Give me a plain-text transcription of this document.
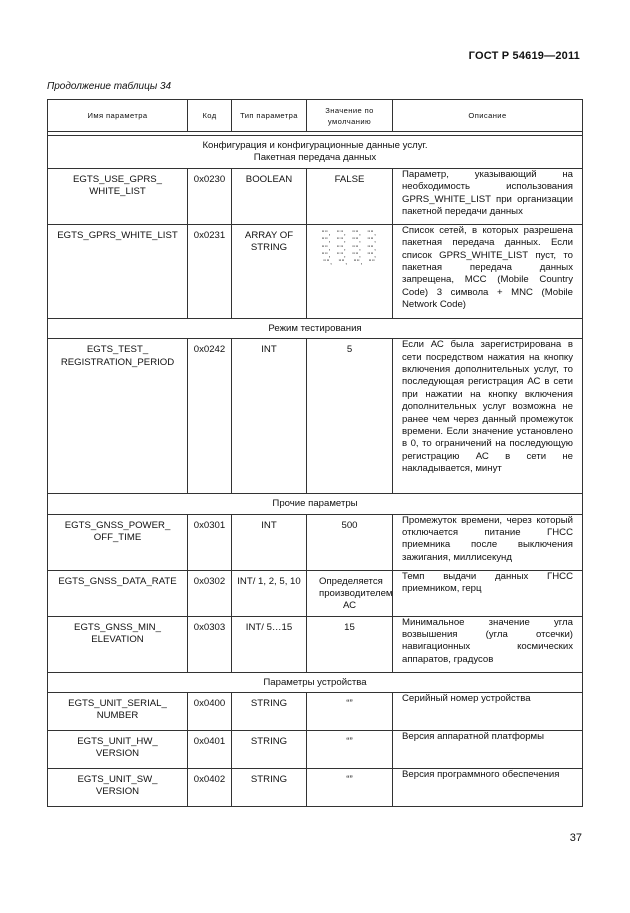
ГОСТ Р 54619—2011
Продолжение таблицы 34
Имя параметра	Код	Тип параметра	Значение по умолчанию	Описание

Конфигурация и конфигурационные данные услуг. Пакетная передача данных				
EGTS_USE_GPRS_ WHITE_LIST	0x0230	BOOLEAN	FALSE	Параметр, указывающий на необходимость использования GPRS_WHITE_LIST при организации пакетной передачи данных
EGTS_GPRS_WHITE_LIST	0x0231	ARRAY OF STRING	"",  "",  "",  "",
"",  "",  "",  "",
"",  "",  "",  "",
"",  "",  "",  "",
"",  "",  "",  ""	Список сетей, в которых разрешена пакетная передача данных. Если список GPRS_WHITE_LIST пуст, то пакетная передача данных запрещена, MCC (Mobile Country Code) 3 символа + MNC (Mobile Network Code)
Режим тестирования				
EGTS_TEST_ REGISTRATION_PERIOD	0x0242	INT	5	Если АС была зарегистрирована в сети посредством нажатия на кнопку включения дополнительных услуг, то последующая регистрация АС в сети при нажатии на кнопку включения дополнительных услуг возможна не ранее чем через данный промежуток времени. Если значение установлено в 0, то ограничений на последующую регистрацию АС в сети не накладывается, минут
Прочие параметры				
EGTS_GNSS_POWER_ OFF_TIME	0x0301	INT	500	Промежуток времени, через который отключается питание ГНСС приемника после выключения зажигания, миллисекунд
EGTS_GNSS_DATA_RATE	0x0302	INT/ 1, 2, 5, 10	Определяется производителем АС	Темп выдачи данных ГНСС приемником, герц
EGTS_GNSS_MIN_ ELEVATION	0x0303	INT/ 5…15	15	Минимальное значение угла возвышения (угла отсечки) навигационных космических аппаратов, градусов
Параметры устройства				
EGTS_UNIT_SERIAL_ NUMBER	0x0400	STRING	“”	Серийный номер устройства
EGTS_UNIT_HW_ VERSION	0x0401	STRING	“”	Версия аппаратной платформы
EGTS_UNIT_SW_ VERSION	0x0402	STRING	“”	Версия программного обеспечения
37
